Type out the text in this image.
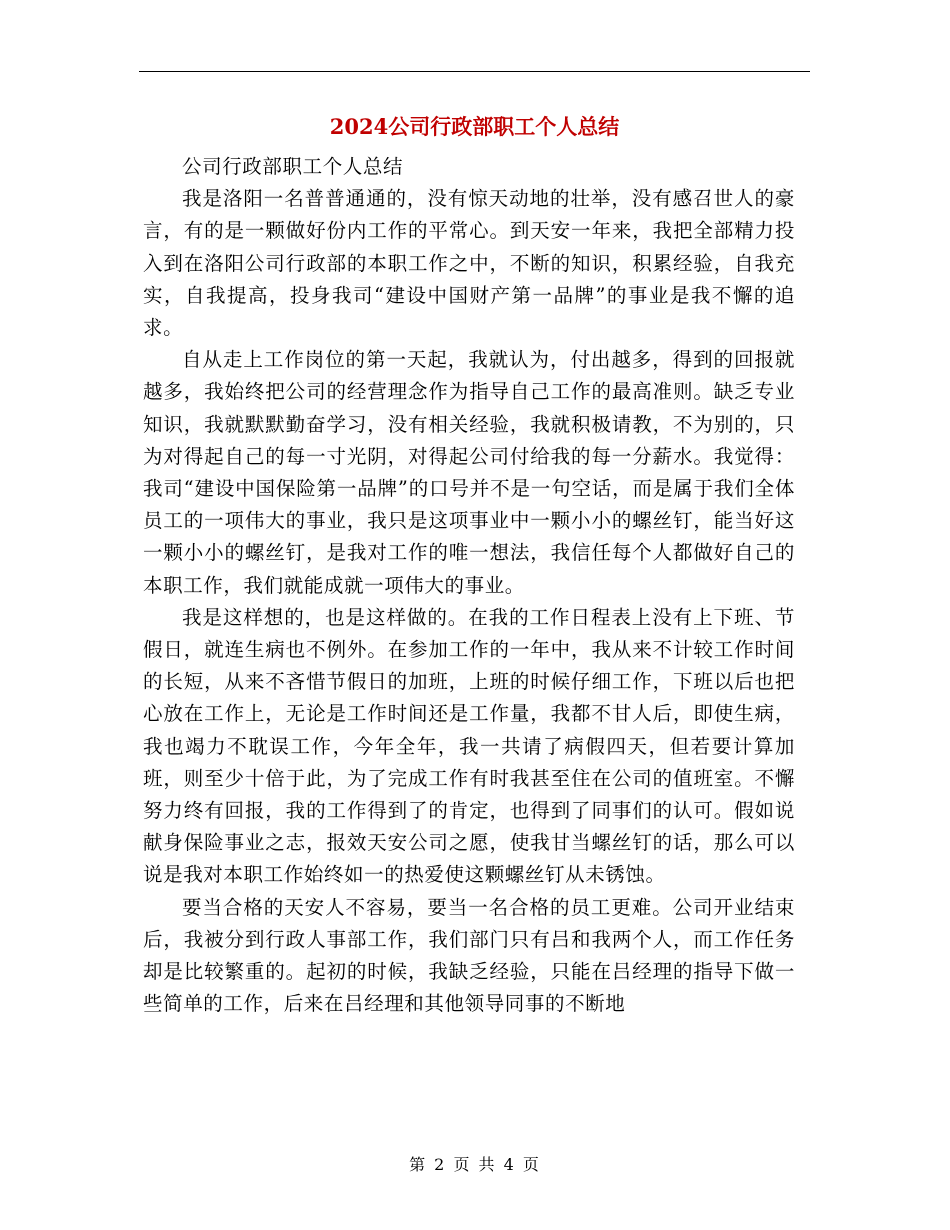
2024公司行政部职工个人总结

公司行政部职工个人总结

我是洛阳一名普普通通的，没有惊天动地的壮举，没有感召世人的豪言，有的是一颗做好份内工作的平常心。到天安一年来，我把全部精力投入到在洛阳公司行政部的本职工作之中，不断的知识，积累经验，自我充实，自我提高，投身我司“建设中国财产第一品牌”的事业是我不懈的追求。

自从走上工作岗位的第一天起，我就认为，付出越多，得到的回报就越多，我始终把公司的经营理念作为指导自己工作的最高准则。缺乏专业知识，我就默默勤奋学习，没有相关经验，我就积极请教，不为别的，只为对得起自己的每一寸光阴，对得起公司付给我的每一分薪水。我觉得：我司“建设中国保险第一品牌”的口号并不是一句空话，而是属于我们全体员工的一项伟大的事业，我只是这项事业中一颗小小的螺丝钉，能当好这一颗小小的螺丝钉，是我对工作的唯一想法，我信任每个人都做好自己的本职工作，我们就能成就一项伟大的事业。

我是这样想的，也是这样做的。在我的工作日程表上没有上下班、节假日，就连生病也不例外。在参加工作的一年中，我从来不计较工作时间的长短，从来不吝惜节假日的加班，上班的时候仔细工作，下班以后也把心放在工作上，无论是工作时间还是工作量，我都不甘人后，即使生病，我也竭力不耽误工作，今年全年，我一共请了病假四天，但若要计算加班，则至少十倍于此，为了完成工作有时我甚至住在公司的值班室。不懈努力终有回报，我的工作得到了的肯定，也得到了同事们的认可。假如说献身保险事业之志，报效天安公司之愿，使我甘当螺丝钉的话，那么可以说是我对本职工作始终如一的热爱使这颗螺丝钉从未锈蚀。

要当合格的天安人不容易，要当一名合格的员工更难。公司开业结束后，我被分到行政人事部工作，我们部门只有吕和我两个人，而工作任务却是比较繁重的。起初的时候，我缺乏经验，只能在吕经理的指导下做一些简单的工作，后来在吕经理和其他领导同事的不断地

第 2 页 共 4 页
